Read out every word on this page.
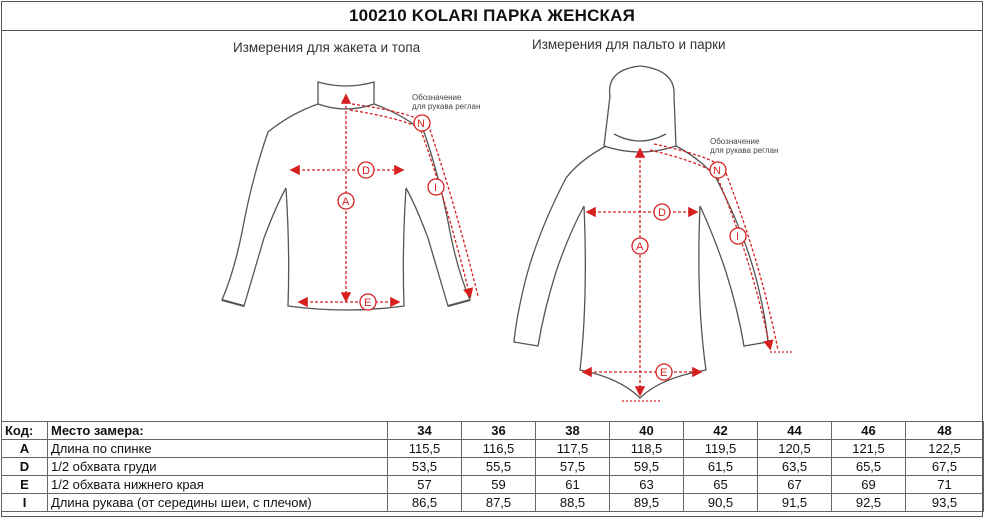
100210 KOLARI ПАРКА ЖЕНСКАЯ
Измерения для жакета и топа	Измерения для пальто и парки
Обозначение
для рукава реглан
Обозначение
для рукава реглан
A
D
E
I
N
A
D
E
I
N
Код:	Место замера:	34	36	38	40	42	44	46	48
A	Длина по спинке	115,5	116,5	117,5	118,5	119,5	120,5	121,5	122,5
D	1/2 обхвата груди	53,5	55,5	57,5	59,5	61,5	63,5	65,5	67,5
E	1/2 обхвата нижнего края	57	59	61	63	65	67	69	71
I	Длина рукава (от середины шеи, с плечом)	86,5	87,5	88,5	89,5	90,5	91,5	92,5	93,5
